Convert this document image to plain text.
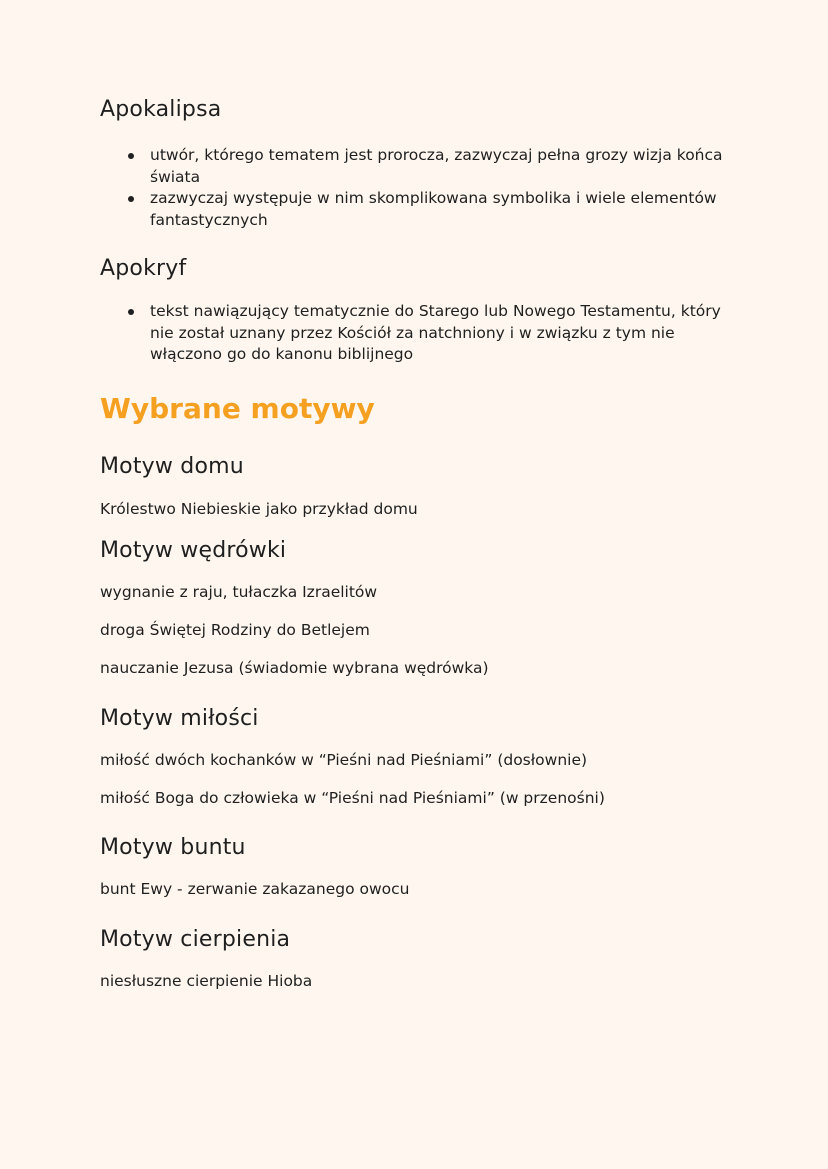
Apokalipsa
utwór, którego tematem jest prorocza, zazwyczaj pełna grozy wizja końca świata
zazwyczaj występuje w nim skomplikowana symbolika i wiele elementów fantastycznych
Apokryf
tekst nawiązujący tematycznie do Starego lub Nowego Testamentu, który nie został uznany przez Kościół za natchniony i w związku z tym nie włączono go do kanonu biblijnego
Wybrane motywy
Motyw domu
Królestwo Niebieskie jako przykład domu
Motyw wędrówki
wygnanie z raju, tułaczka Izraelitów
droga Świętej Rodziny do Betlejem
nauczanie Jezusa (świadomie wybrana wędrówka)
Motyw miłości
miłość dwóch kochanków w “Pieśni nad Pieśniami” (dosłownie)
miłość Boga do człowieka w “Pieśni nad Pieśniami” (w przenośni)
Motyw buntu
bunt Ewy - zerwanie zakazanego owocu
Motyw cierpienia
niesłuszne cierpienie Hioba
